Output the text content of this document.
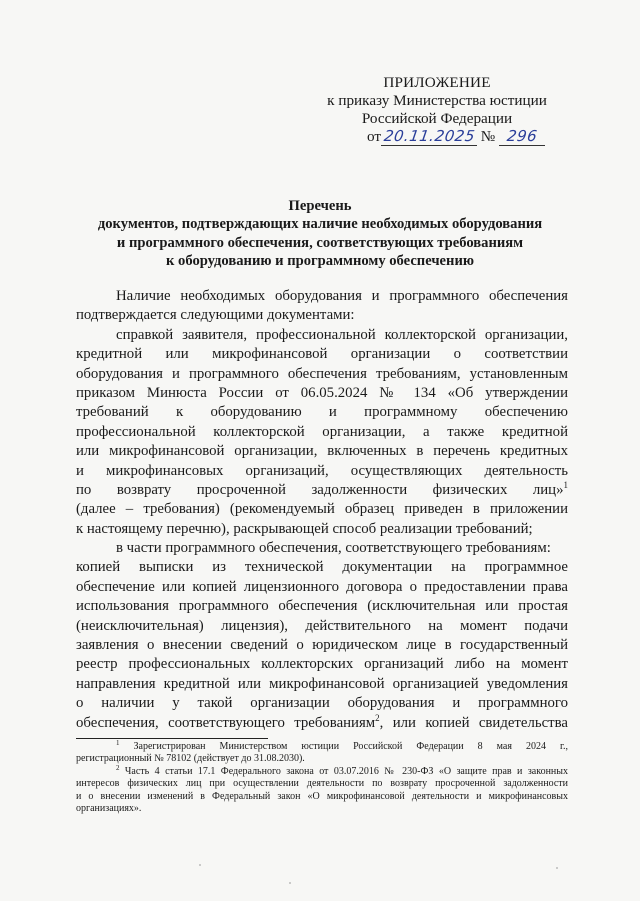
ПРИЛОЖЕНИЕ
к приказу Министерства юстиции
Российской Федерации
от20.11.2025 № 296
Перечень
документов, подтверждающих наличие необходимых оборудования
и программного обеспечения, соответствующих требованиям
к оборудованию и программному обеспечению
Наличие необходимых оборудования и программного обеспечения
подтверждается следующими документами:
справкой заявителя, профессиональной коллекторской организации,
кредитной или микрофинансовой организации о соответствии
оборудования и программного обеспечения требованиям, установленным
приказом Минюста России от 06.05.2024 № 134 «Об утверждении
требований к оборудованию и программному обеспечению
профессиональной коллекторской организации, а также кредитной
или микрофинансовой организации, включенных в перечень кредитных
и микрофинансовых организаций, осуществляющих деятельность
по возврату просроченной задолженности физических лиц»$^1$
(далее – требования) (рекомендуемый образец приведен в приложении
к настоящему перечню), раскрывающей способ реализации требований;
в части программного обеспечения, соответствующего требованиям:
копией выписки из технической документации на программное
обеспечение или копией лицензионного договора о предоставлении права
использования программного обеспечения (исключительная или простая
(неисключительная) лицензия), действительного на момент подачи
заявления о внесении сведений о юридическом лице в государственный
реестр профессиональных коллекторских организаций либо на момент
направления кредитной или микрофинансовой организацией уведомления
о наличии у такой организации оборудования и программного
обеспечения, соответствующего требованиям$^2$, или копией свидетельства
$^1$ Зарегистрирован Министерством юстиции Российской Федерации 8 мая 2024 г.,
регистрационный № 78102 (действует до 31.08.2030).
$^2$ Часть 4 статьи 17.1 Федерального закона от 03.07.2016 № 230-ФЗ «О защите прав и законных
интересов физических лиц при осуществлении деятельности по возврату просроченной задолженности
и о внесении изменений в Федеральный закон «О микрофинансовой деятельности и микрофинансовых
организациях».
